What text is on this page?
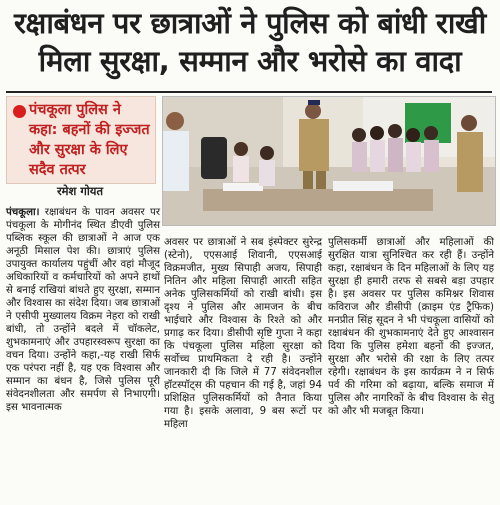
रक्षाबंधन पर छात्राओं ने पुलिस को बांधी राखी
मिला सुरक्षा, सम्मान और भरोसे का वादा
पंचकूला पुलिस ने कहा: बहनों की इज्जत और सुरक्षा के लिए सदैव तत्पर
रमेश गोयत

पंचकूला। रक्षाबंधन के पावन अवसर पर पंचकूला के मोगीनंद स्थित डीएवी पुलिस पब्लिक स्कूल की छात्राओं ने आज एक अनूठी मिसाल पेश की। छात्राएं पुलिस उपायुक्त कार्यालय पहुंचीं और वहां मौजूद अधिकारियों व कर्मचारियों को अपने हाथों से बनाई राखियां बांधते हुए सुरक्षा, सम्मान और विश्वास का संदेश दिया। जब छात्राओं ने एसीपी मुख्यालय विक्रम नेहरा को राखी बांधी, तो उन्होंने बदले में चॉकलेट, शुभकामनाएं और उपहारस्वरूप सुरक्षा का वचन दिया। उन्होंने कहा,-यह राखी सिर्फ एक परंपरा नहीं है, यह एक विश्वास और सम्मान का बंधन है, जिसे पुलिस पूरी संवेदनशीलता और समर्पण से निभाएगी। इस भावनात्मक

अवसर पर छात्राओं ने सब इंस्पेक्टर सुरेन्द्र (स्टेनो), एएसआई शिवानी, एएसआई विक्रमजीत, मुख्य सिपाही अजय, सिपाही नितिन और महिला सिपाही आरती सहित अनेक पुलिसकर्मियों को राखी बांधी। इस दृश्य ने पुलिस और आमजन के बीच भाईचारे और विश्वास के रिश्ते को और प्रगाढ़ कर दिया। डीसीपी सृष्टि गुप्ता ने कहा कि पंचकूला पुलिस महिला सुरक्षा को सर्वोच्च प्राथमिकता दे रही है। उन्होंने जानकारी दी कि जिले में 77 संवेदनशील हॉटस्पॉट्स की पहचान की गई है, जहां 94 प्रशिक्षित पुलिसकर्मियों को तैनात किया गया है। इसके अलावा, 9 बस रूटों पर महिला

पुलिसकर्मी छात्राओं और महिलाओं की सुरक्षित यात्रा सुनिश्चित कर रही हैं। उन्होंने कहा, रक्षाबंधन के दिन महिलाओं के लिए यह सुरक्षा ही हमारी तरफ से सबसे बड़ा उपहार है। इस अवसर पर पुलिस कमिश्नर शिवास कविराज और डीसीपी (क्राइम एंड ट्रैफिक) मनप्रीत सिंह सूदन ने भी पंचकूला वासियों को रक्षाबंधन की शुभकामनाएं देते हुए आश्वासन दिया कि पुलिस हमेशा बहनों की इज्जत, सुरक्षा और भरोसे की रक्षा के लिए तत्पर रहेगी। रक्षाबंधन के इस कार्यक्रम ने न सिर्फ पर्व की गरिमा को बढ़ाया, बल्कि समाज में पुलिस और नागरिकों के बीच विश्वास के सेतु को और भी मजबूत किया।
